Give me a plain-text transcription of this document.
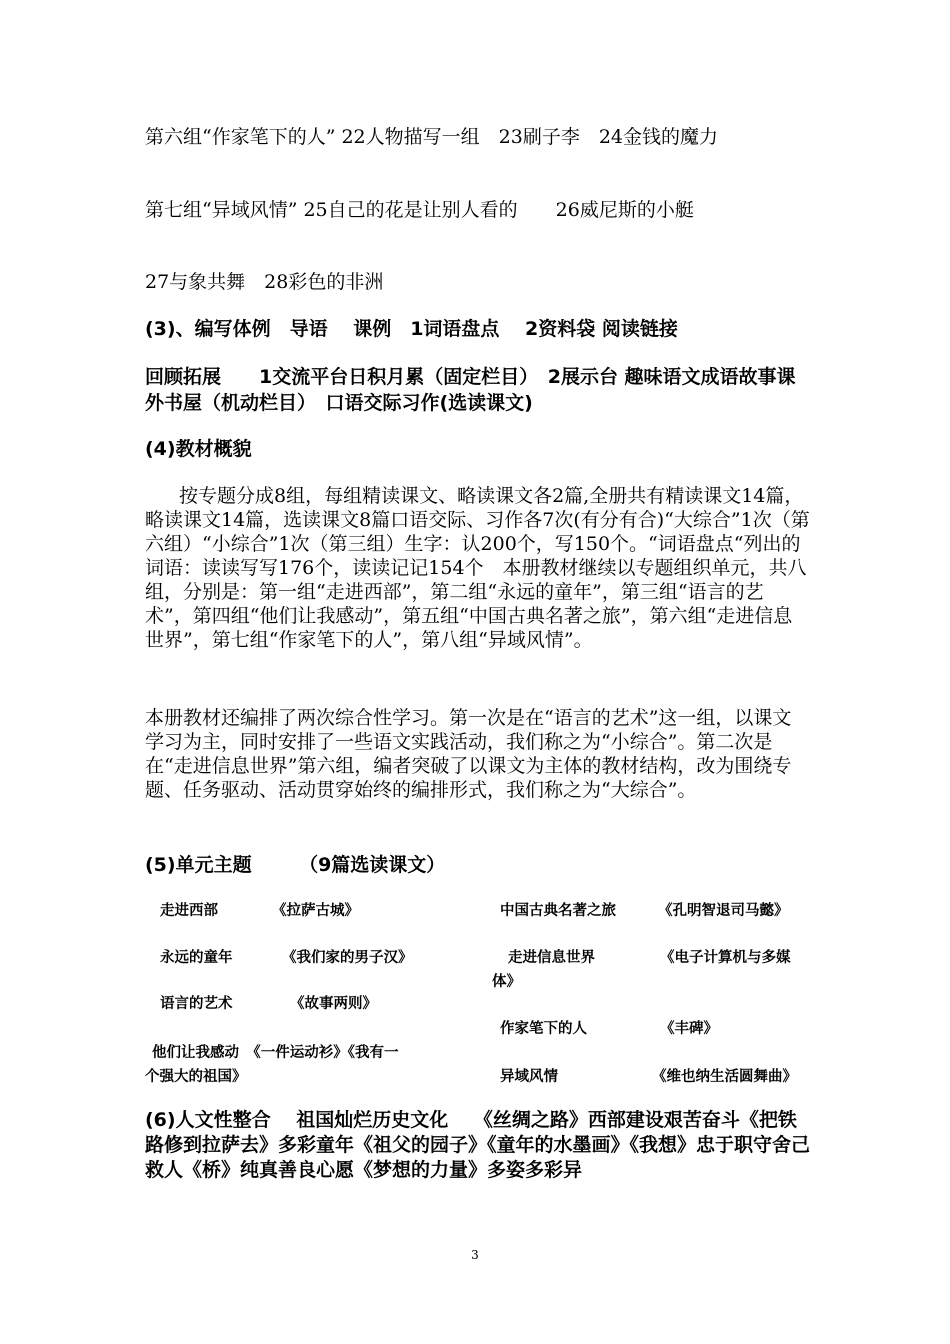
第六组“作家笔下的人” 22人物描写一组　23刷子李　24金钱的魔力

第七组“异域风情” 25自己的花是让别人看的　　26威尼斯的小艇

27与象共舞　28彩色的非洲

(3)、编写体例　导语　 课例　1词语盘点　 2资料袋 阅读链接

回顾拓展　　1交流平台日积月累（固定栏目）　2展示台 趣味语文成语故事课外书屋（机动栏目）　口语交际习作(选读课文)

(4)教材概貌

按专题分成8组，每组精读课文、略读课文各2篇,全册共有精读课文14篇，略读课文14篇，选读课文8篇口语交际、习作各7次(有分有合)“大综合”1次（第六组）“小综合”1次（第三组）生字：认200个，写150个。“词语盘点“列出的词语：读读写写176个，读读记记154个　本册教材继续以专题组织单元，共八组，分别是：第一组“走进西部”，第二组“永远的童年”，第三组“语言的艺术”，第四组“他们让我感动”，第五组“中国古典名著之旅”，第六组“走进信息世界”，第七组“作家笔下的人”，第八组“异域风情”。

本册教材还编排了两次综合性学习。第一次是在“语言的艺术”这一组，以课文学习为主，同时安排了一些语文实践活动，我们称之为“小综合”。第二次是在“走进信息世界”第六组，编者突破了以课文为主体的教材结构，改为围绕专题、任务驱动、活动贯穿始终的编排形式，我们称之为“大综合”。

(5)单元主题　　　（9篇选读课文）

走进西部	《拉萨古城》
永远的童年	《我们家的男子汉》
语言的艺术	《故事两则》
他们让我感动　《一件运动衫》《我有一
个强大的祖国》
中国古典名著之旅	《孔明智退司马懿》
走进信息世界	《电子计算机与多媒
体》
作家笔下的人	《丰碑》
异域风情	《维也纳生活圆舞曲》

(6)人文性整合　 祖国灿烂历史文化　 《丝绸之路》西部建设艰苦奋斗《把铁路修到拉萨去》多彩童年《祖父的园子》《童年的水墨画》《我想》忠于职守舍己救人《桥》纯真善良心愿《梦想的力量》多姿多彩异

3
